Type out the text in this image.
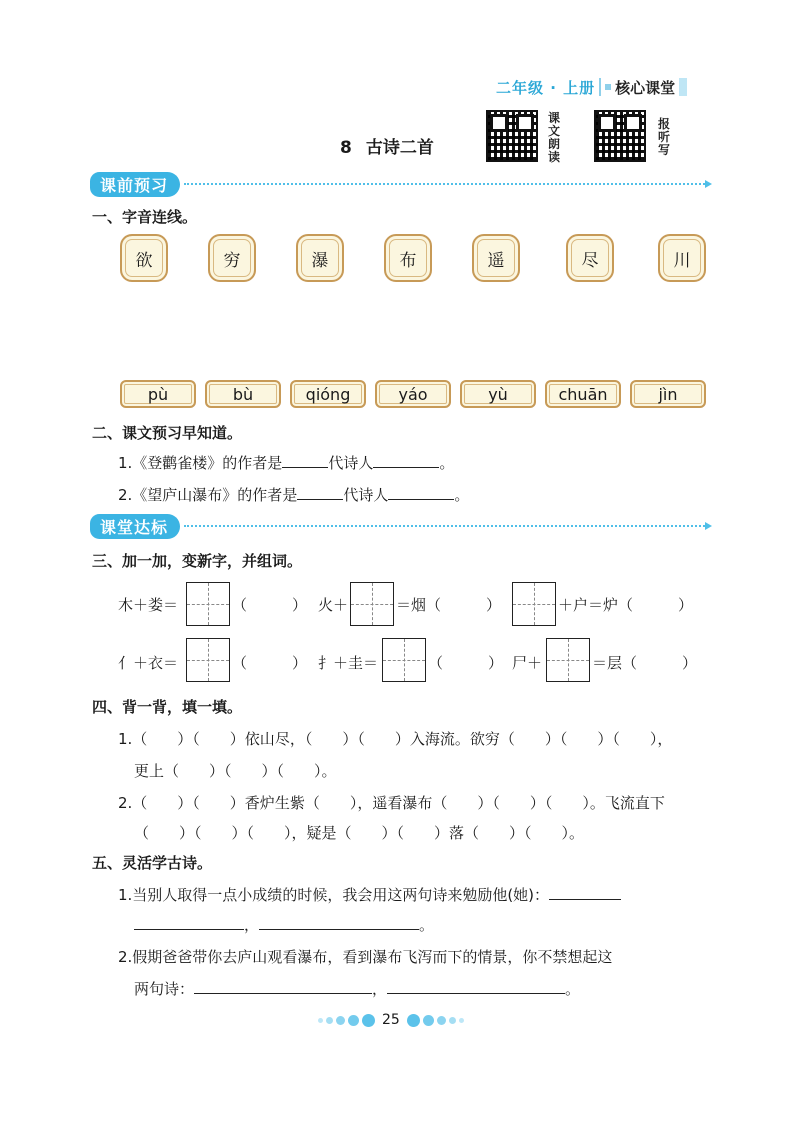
二年级 · 上册 核心课堂
8 古诗二首
课文朗读
报听写
课前预习
一、字音连线。
欲	穷	瀑	布	遥	尽	川
pù	bù	qióng	yáo	yù	chuān	jìn
二、课文预习早知道。
1.《登鹳雀楼》的作者是	代诗人	。
2.《望庐山瀑布》的作者是	代诗人	。
课堂达标
三、加一加，变新字，并组词。
木＋娄＝	（　　　） 火＋	＝烟（　　　）	＋户＝炉（　　　）
亻＋衣＝	（　　　） 扌＋圭＝	（　　　） 尸＋	＝层（　　　）
四、背一背，填一填。
1.（　　）（　　）依山尽，（　　）（　　）入海流。欲穷（　　）（　　）（　　），
更上（　　）（　　）（　　）。
2.（　　）（　　）香炉生紫（　　），遥看瀑布（　　）（　　）（　　）。飞流直下
（　　）（　　）（　　），疑是（　　）（　　）落（　　）（　　）。
五、灵活学古诗。
1.当别人取得一点小成绩的时候，我会用这两句诗来勉励他(她)：
，	。
2.假期爸爸带你去庐山观看瀑布，看到瀑布飞泻而下的情景，你不禁想起这
两句诗：	，	。
25
